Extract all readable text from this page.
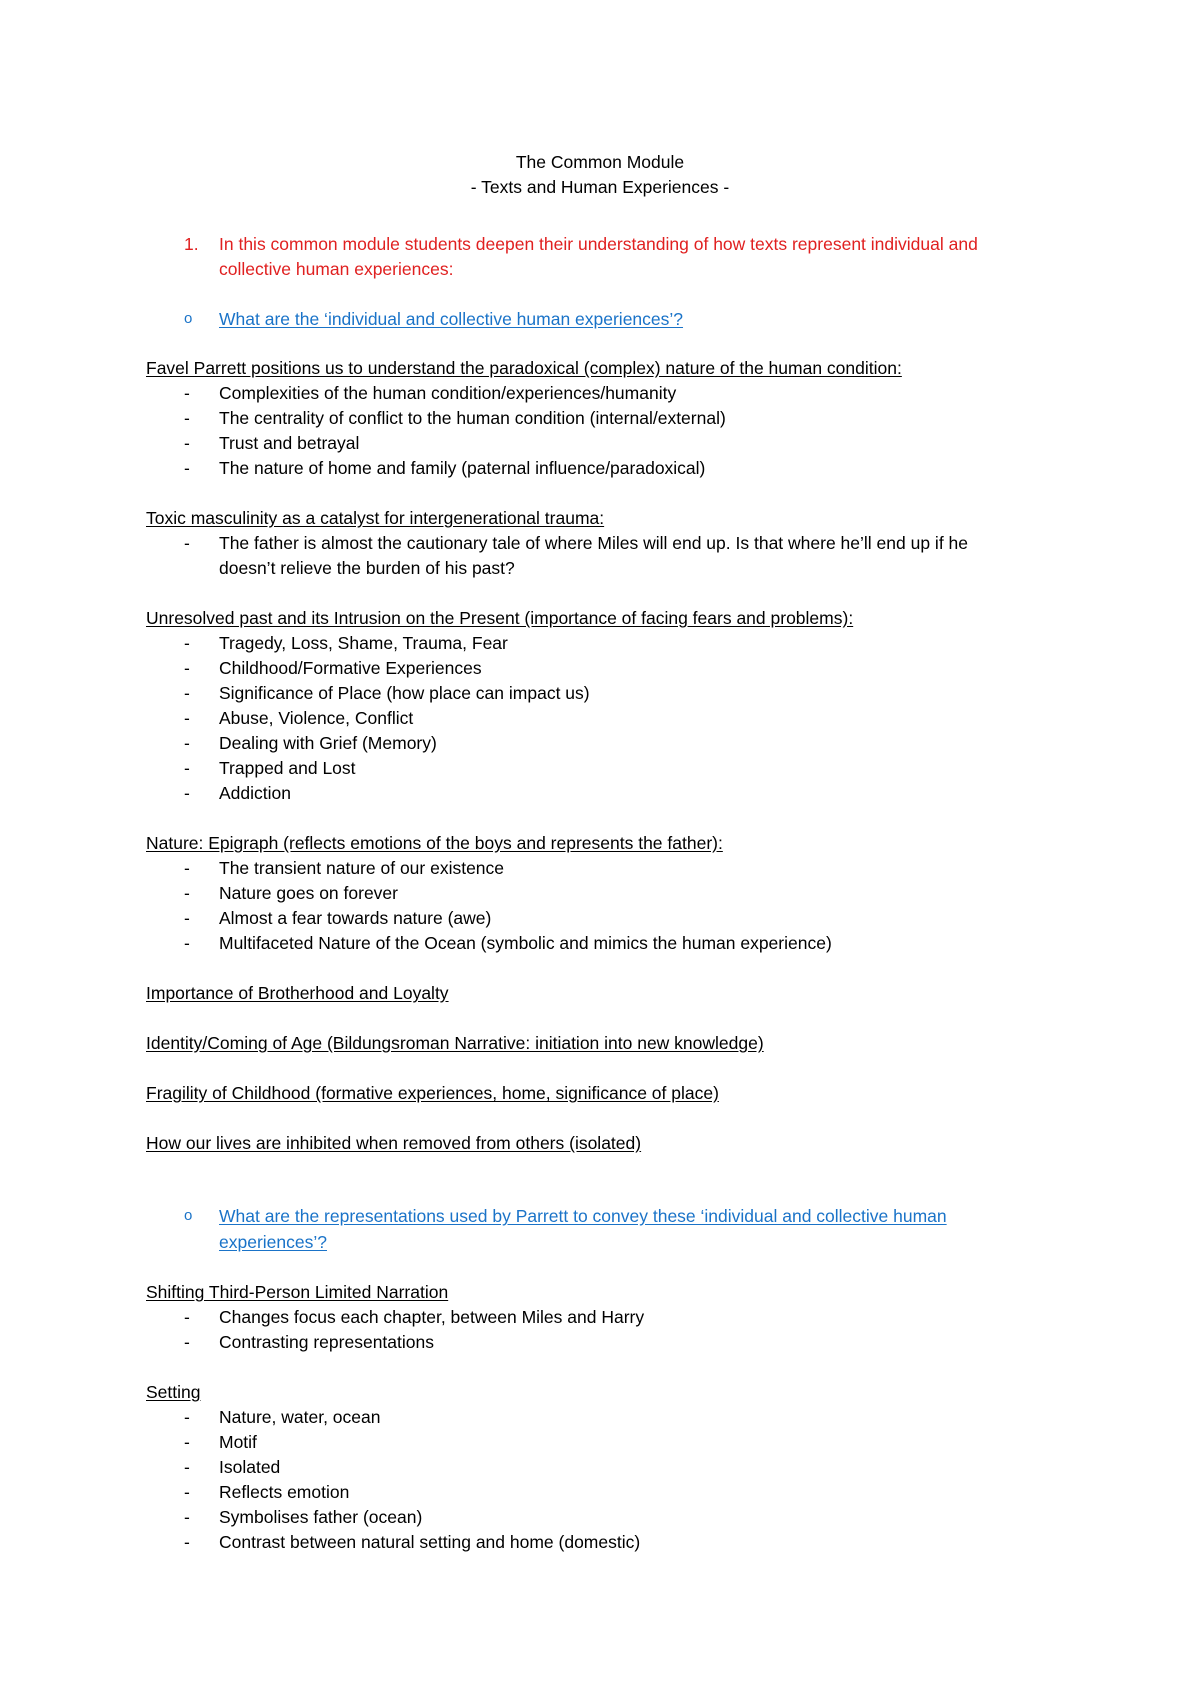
The Common Module
- Texts and Human Experiences -
1. In this common module students deepen their understanding of how texts represent individual and
collective human experiences:
o What are the ‘individual and collective human experiences’?
Favel Parrett positions us to understand the paradoxical (complex) nature of the human condition:
-	Complexities of the human condition/experiences/humanity
-	The centrality of conflict to the human condition (internal/external)
-	Trust and betrayal
-	The nature of home and family (paternal influence/paradoxical)
Toxic masculinity as a catalyst for intergenerational trauma:
-	The father is almost the cautionary tale of where Miles will end up. Is that where he’ll end up if he
doesn’t relieve the burden of his past?
Unresolved past and its Intrusion on the Present (importance of facing fears and problems):
-	Tragedy, Loss, Shame, Trauma, Fear
-	Childhood/Formative Experiences
-	Significance of Place (how place can impact us)
-	Abuse, Violence, Conflict
-	Dealing with Grief (Memory)
-	Trapped and Lost
-	Addiction
Nature: Epigraph (reflects emotions of the boys and represents the father):
-	The transient nature of our existence
-	Nature goes on forever
-	Almost a fear towards nature (awe)
-	Multifaceted Nature of the Ocean (symbolic and mimics the human experience)
Importance of Brotherhood and Loyalty
Identity/Coming of Age (Bildungsroman Narrative: initiation into new knowledge)
Fragility of Childhood (formative experiences, home, significance of place)
How our lives are inhibited when removed from others (isolated)
o What are the representations used by Parrett to convey these ‘individual and collective human
experiences’?
Shifting Third-Person Limited Narration
-	Changes focus each chapter, between Miles and Harry
-	Contrasting representations
Setting
-	Nature, water, ocean
-	Motif
-	Isolated
-	Reflects emotion
-	Symbolises father (ocean)
-	Contrast between natural setting and home (domestic)
